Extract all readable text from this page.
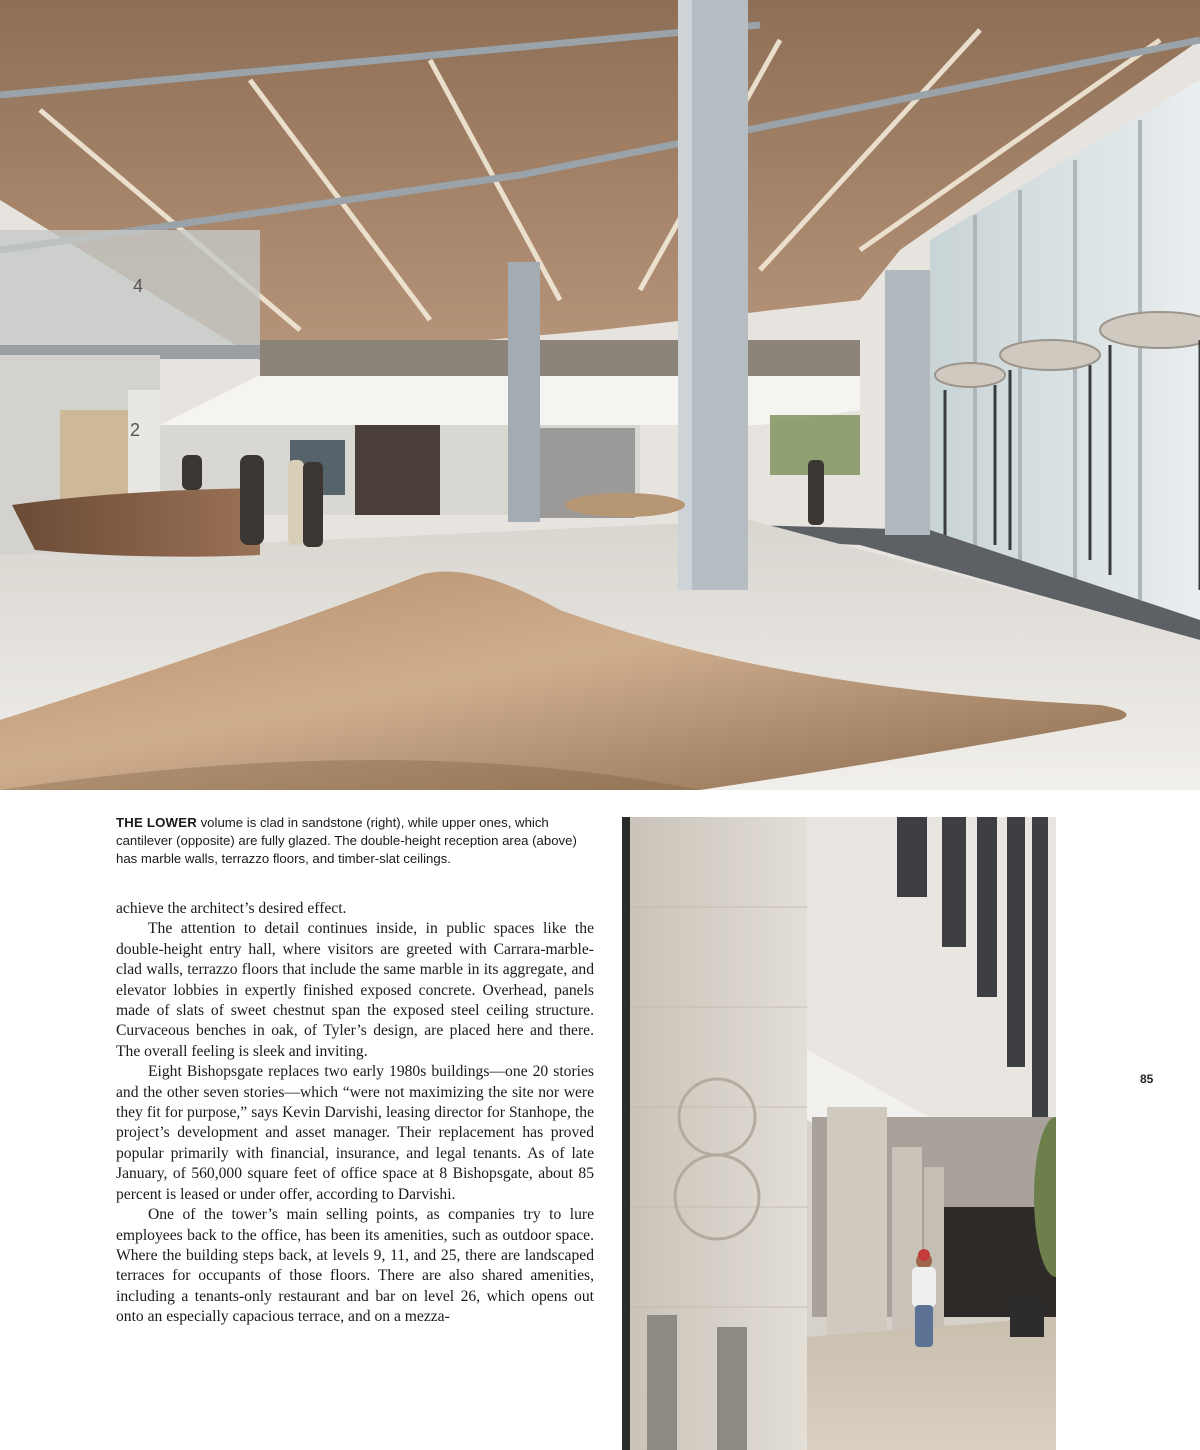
4
2
THE LOWER volume is clad in sandstone (right), while upper ones, which cantilever (opposite) are fully glazed. The double-height reception area (above) has marble walls, terrazzo floors, and timber-slat ceilings.

achieve the architect’s desired effect.

The attention to detail continues inside, in public spaces like the double-height entry hall, where visitors are greeted with Carrara-marble-clad walls, terrazzo floors that include the same marble in its aggregate, and elevator lobbies in expertly finished exposed concrete. Overhead, panels made of slats of sweet chestnut span the exposed steel ceiling structure. Curvaceous benches in oak, of Tyler’s design, are placed here and there. The overall feeling is sleek and inviting.

Eight Bishopsgate replaces two early 1980s buildings—one 20 stories and the other seven stories—which “were not maximizing the site nor were they fit for purpose,” says Kevin Darvishi, leasing director for Stanhope, the project’s development and asset manager. Their replacement has proved popular primarily with financial, insurance, and legal tenants. As of late January, of 560,000 square feet of office space at 8 Bishopsgate, about 85 percent is leased or under offer, according to Darvishi.

One of the tower’s main selling points, as companies try to lure employees back to the office, has been its amenities, such as outdoor space. Where the building steps back, at levels 9, 11, and 25, there are landscaped terraces for occupants of those floors. There are also shared amenities, including a tenants-only restaurant and bar on level 26, which opens out onto an especially capacious terrace, and on a mezza-

85
